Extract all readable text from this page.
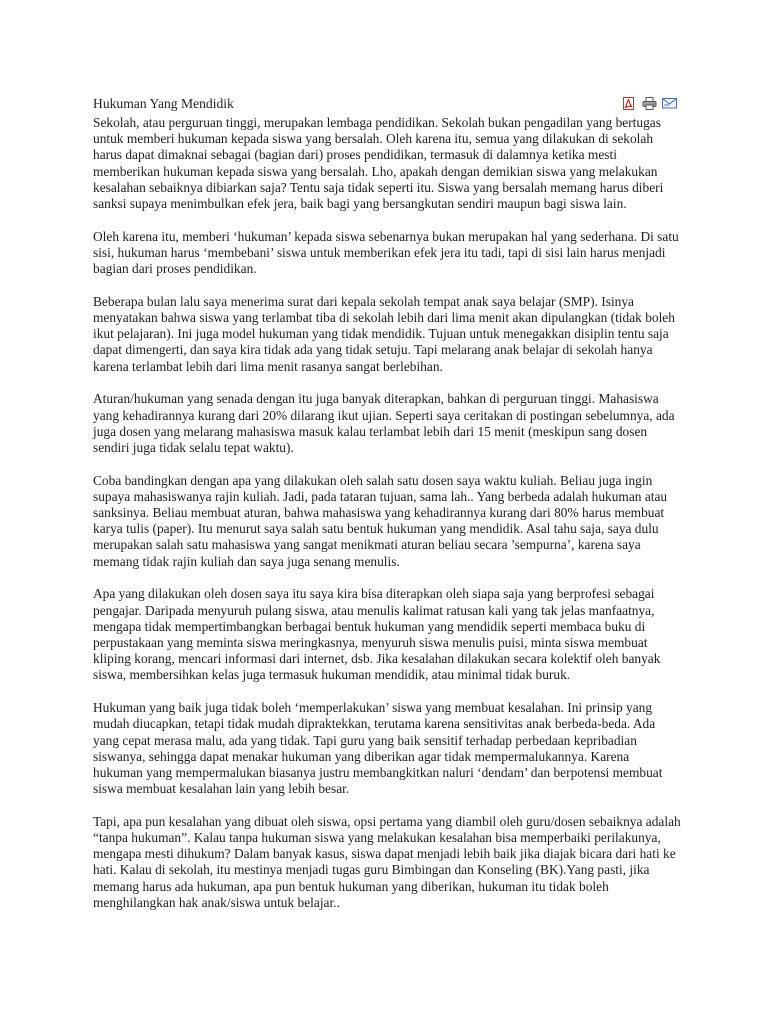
Hukuman Yang Mendidik

Sekolah, atau perguruan tinggi, merupakan lembaga pendidikan. Sekolah bukan pengadilan yang bertugas untuk memberi hukuman kepada siswa yang bersalah. Oleh karena itu, semua yang dilakukan di sekolah harus dapat dimaknai sebagai (bagian dari) proses pendidikan, termasuk di dalamnya ketika mesti memberikan hukuman kepada siswa yang bersalah. Lho, apakah dengan demikian siswa yang melakukan kesalahan sebaiknya dibiarkan saja? Tentu saja tidak seperti itu. Siswa yang bersalah memang harus diberi sanksi supaya menimbulkan efek jera, baik bagi yang bersangkutan sendiri maupun bagi siswa lain.

Oleh karena itu, memberi ‘hukuman’ kepada siswa sebenarnya bukan merupakan hal yang sederhana. Di satu sisi, hukuman harus ‘membebani’ siswa untuk memberikan efek jera itu tadi, tapi di sisi lain harus menjadi bagian dari proses pendidikan.

Beberapa bulan lalu saya menerima surat dari kepala sekolah tempat anak saya belajar (SMP). Isinya menyatakan bahwa siswa yang terlambat tiba di sekolah lebih dari lima menit akan dipulangkan (tidak boleh ikut pelajaran). Ini juga model hukuman yang tidak mendidik. Tujuan untuk menegakkan disiplin tentu saja dapat dimengerti, dan saya kira tidak ada yang tidak setuju. Tapi melarang anak belajar di sekolah hanya karena terlambat lebih dari lima menit rasanya sangat berlebihan.

Aturan/hukuman yang senada dengan itu juga banyak diterapkan, bahkan di perguruan tinggi. Mahasiswa yang kehadirannya kurang dari 20% dilarang ikut ujian. Seperti saya ceritakan di postingan sebelumnya, ada juga dosen yang melarang mahasiswa masuk kalau terlambat lebih dari 15 menit (meskipun sang dosen sendiri juga tidak selalu tepat waktu).

Coba bandingkan dengan apa yang dilakukan oleh salah satu dosen saya waktu kuliah. Beliau juga ingin supaya mahasiswanya rajin kuliah. Jadi, pada tataran tujuan, sama lah.. Yang berbeda adalah hukuman atau sanksinya. Beliau membuat aturan, bahwa mahasiswa yang kehadirannya kurang dari 80% harus membuat karya tulis (paper). Itu menurut saya salah satu bentuk hukuman yang mendidik. Asal tahu saja, saya dulu merupakan salah satu mahasiswa yang sangat menikmati aturan beliau secara ’sempurna’, karena saya memang tidak rajin kuliah dan saya juga senang menulis.

Apa yang dilakukan oleh dosen saya itu saya kira bisa diterapkan oleh siapa saja yang berprofesi sebagai pengajar. Daripada menyuruh pulang siswa, atau menulis kalimat ratusan kali yang tak jelas manfaatnya, mengapa tidak mempertimbangkan berbagai bentuk hukuman yang mendidik seperti membaca buku di perpustakaan yang meminta siswa meringkasnya, menyuruh siswa menulis puisi, minta siswa membuat kliping korang, mencari informasi dari internet, dsb. Jika kesalahan dilakukan secara kolektif oleh banyak siswa, membersihkan kelas juga termasuk hukuman mendidik, atau minimal tidak buruk.

Hukuman yang baik juga tidak boleh ‘memperlakukan’ siswa yang membuat kesalahan. Ini prinsip yang mudah diucapkan, tetapi tidak mudah dipraktekkan, terutama karena sensitivitas anak berbeda-beda. Ada yang cepat merasa malu, ada yang tidak. Tapi guru yang baik sensitif terhadap perbedaan kepribadian siswanya, sehingga dapat menakar hukuman yang diberikan agar tidak mempermalukannya. Karena hukuman yang mempermalukan biasanya justru membangkitkan naluri ‘dendam’ dan berpotensi membuat siswa membuat kesalahan lain yang lebih besar.

Tapi, apa pun kesalahan yang dibuat oleh siswa, opsi pertama yang diambil oleh guru/dosen sebaiknya adalah “tanpa hukuman”. Kalau tanpa hukuman siswa yang melakukan kesalahan bisa memperbaiki perilakunya, mengapa mesti dihukum? Dalam banyak kasus, siswa dapat menjadi lebih baik jika diajak bicara dari hati ke hati. Kalau di sekolah, itu mestinya menjadi tugas guru Bimbingan dan Konseling (BK).Yang pasti, jika memang harus ada hukuman, apa pun bentuk hukuman yang diberikan, hukuman itu tidak boleh menghilangkan hak anak/siswa untuk belajar..
